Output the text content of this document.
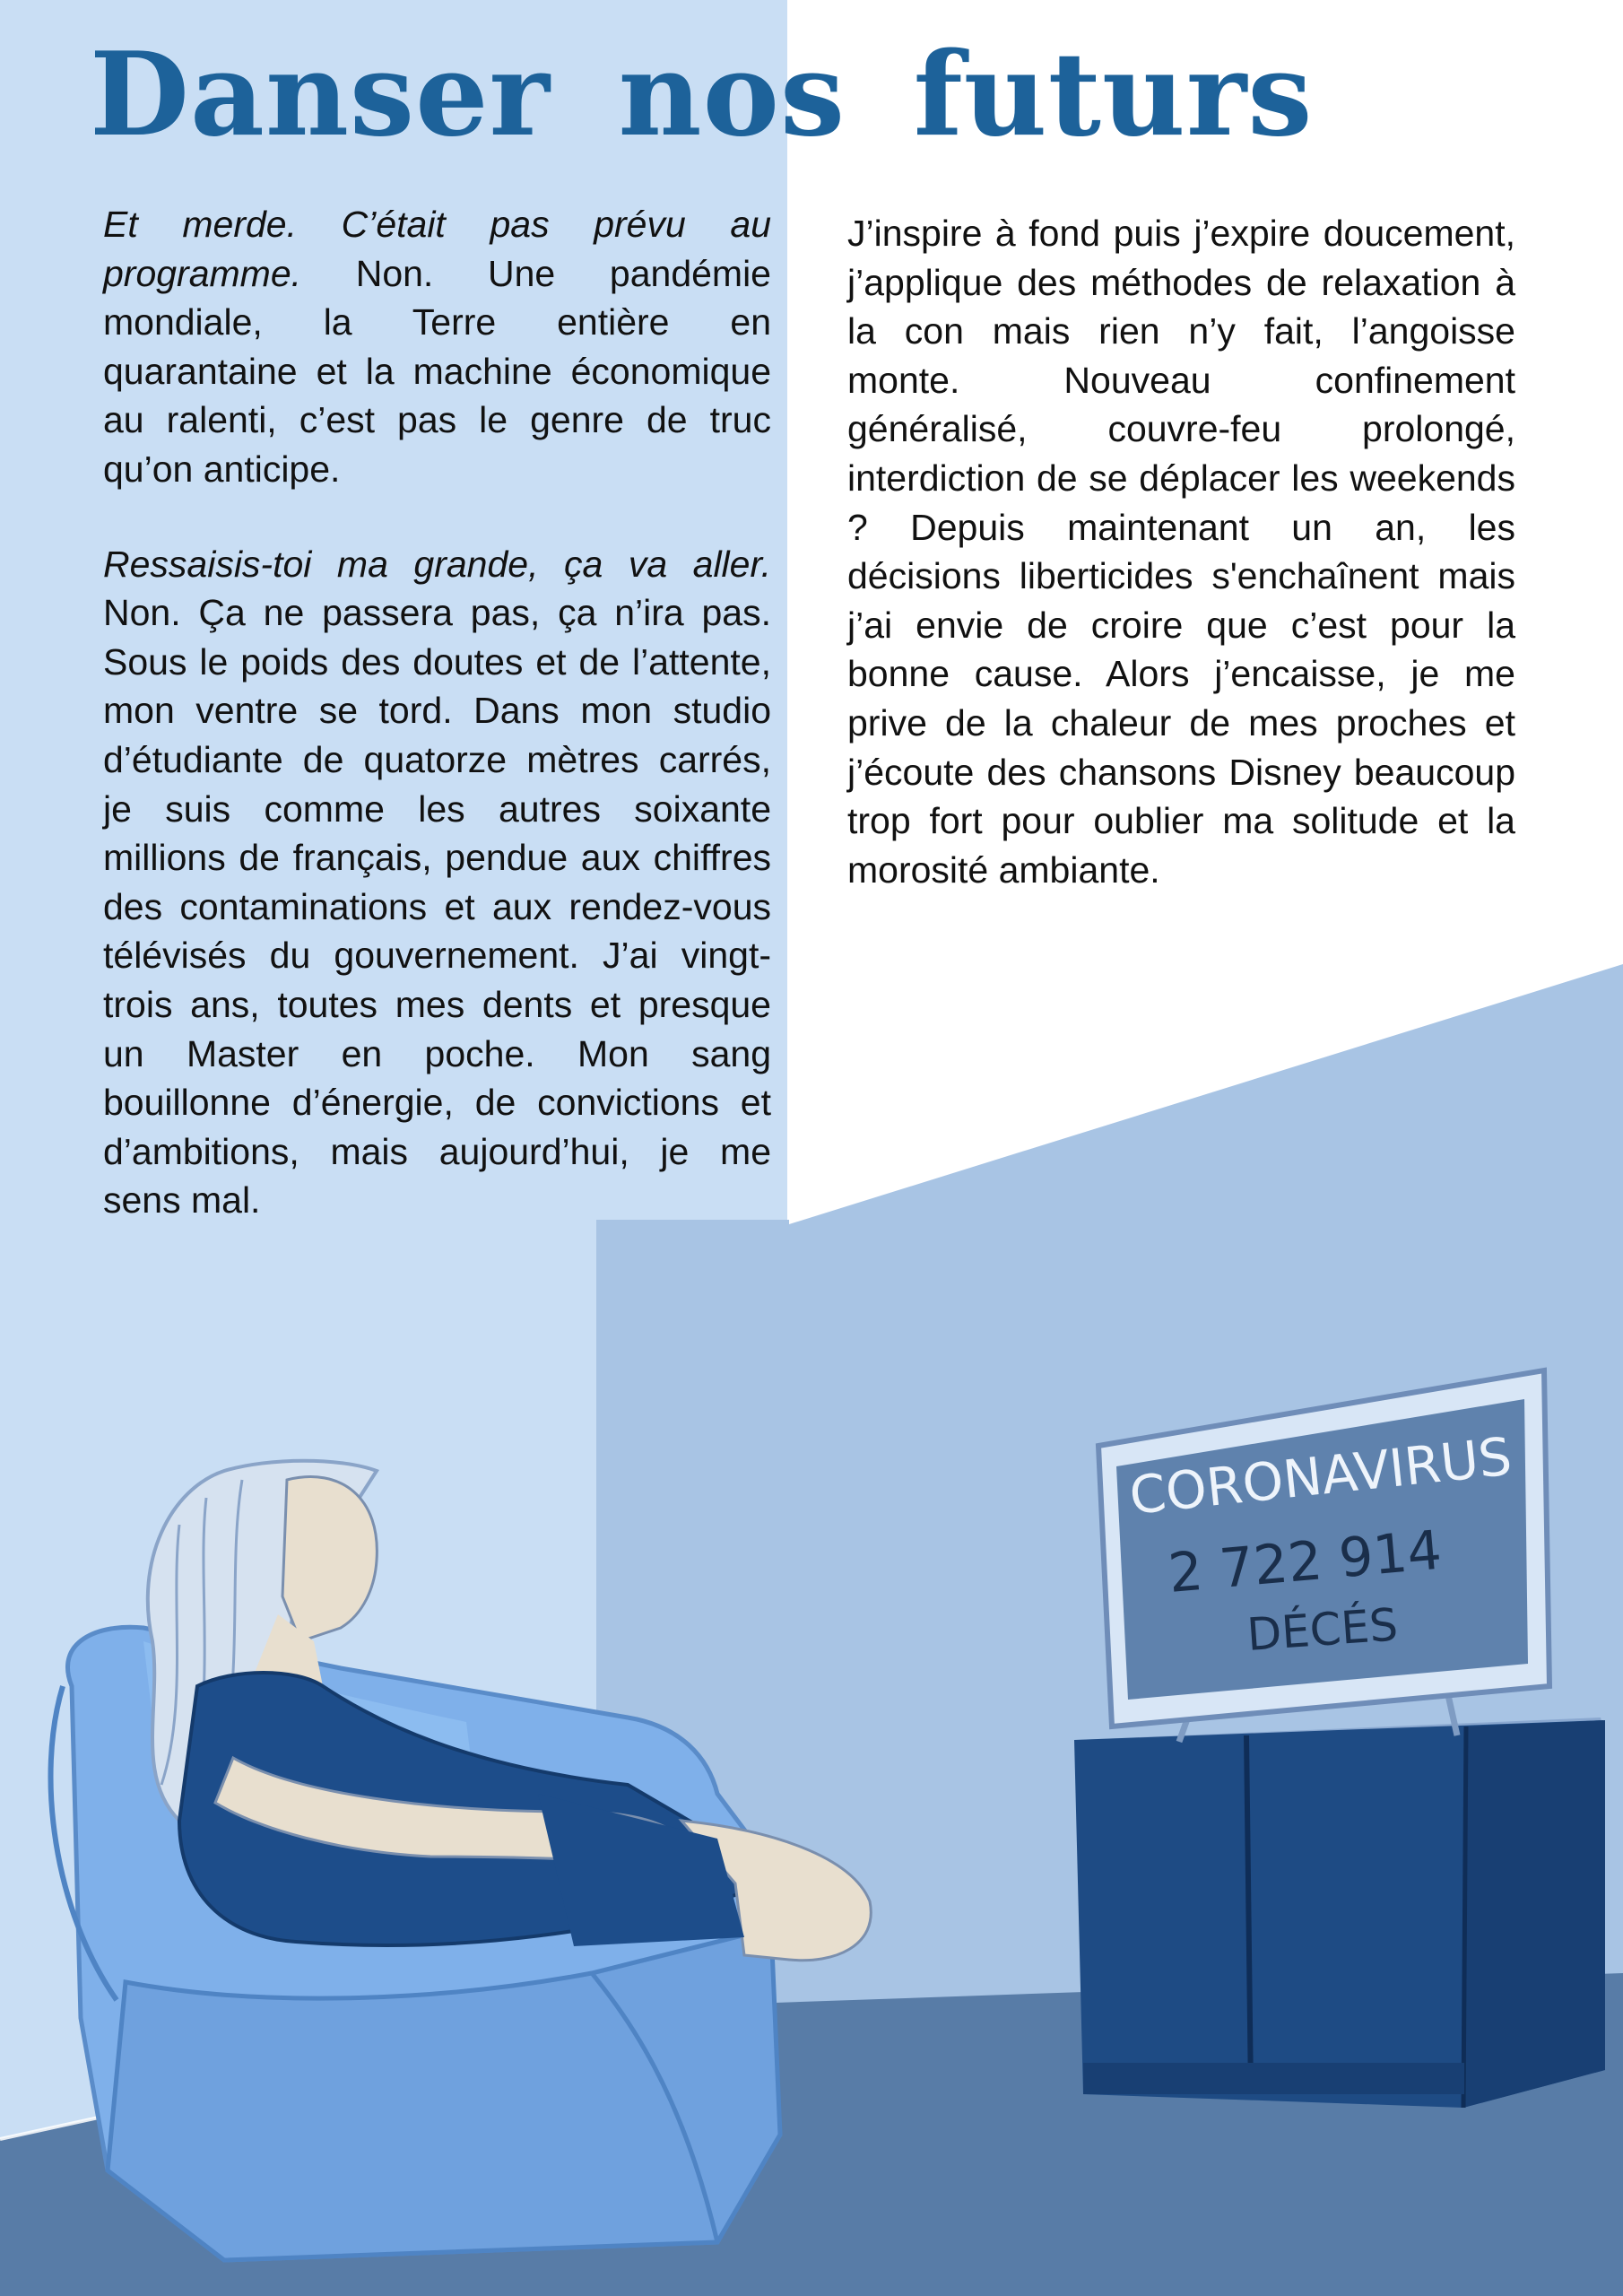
CORONAVIRUS
2 722 914
DÉCÉS
Danser nos futurs

Et merde. C’était pas prévu au programme. Non. Une pandémie mondiale, la Terre entière en quarantaine et la machine économique au ralenti, c’est pas le genre de truc qu’on anticipe.

Ressaisis-toi ma grande, ça va aller. Non. Ça ne passera pas, ça n’ira pas. Sous le poids des doutes et de l’attente, mon ventre se tord. Dans mon studio d’étudiante de quatorze mètres carrés, je suis comme les autres soixante millions de français, pendue aux chiffres des contaminations et aux rendez-vous télévisés du gouvernement. J’ai vingt-trois ans, toutes mes dents et presque un Master en poche. Mon sang bouillonne d’énergie, de convictions et d’ambitions, mais aujourd’hui, je me sens mal.

J’inspire à fond puis j’expire doucement, j’applique des méthodes de relaxation à la con mais rien n’y fait, l’angoisse monte. Nouveau confinement généralisé, couvre-feu prolongé, interdiction de se déplacer les weekends ? Depuis maintenant un an, les décisions liberticides s'enchaînent mais j’ai envie de croire que c’est pour la bonne cause. Alors j’encaisse, je me prive de la chaleur de mes proches et j’écoute des chansons Disney beaucoup trop fort pour oublier ma solitude et la morosité ambiante.
